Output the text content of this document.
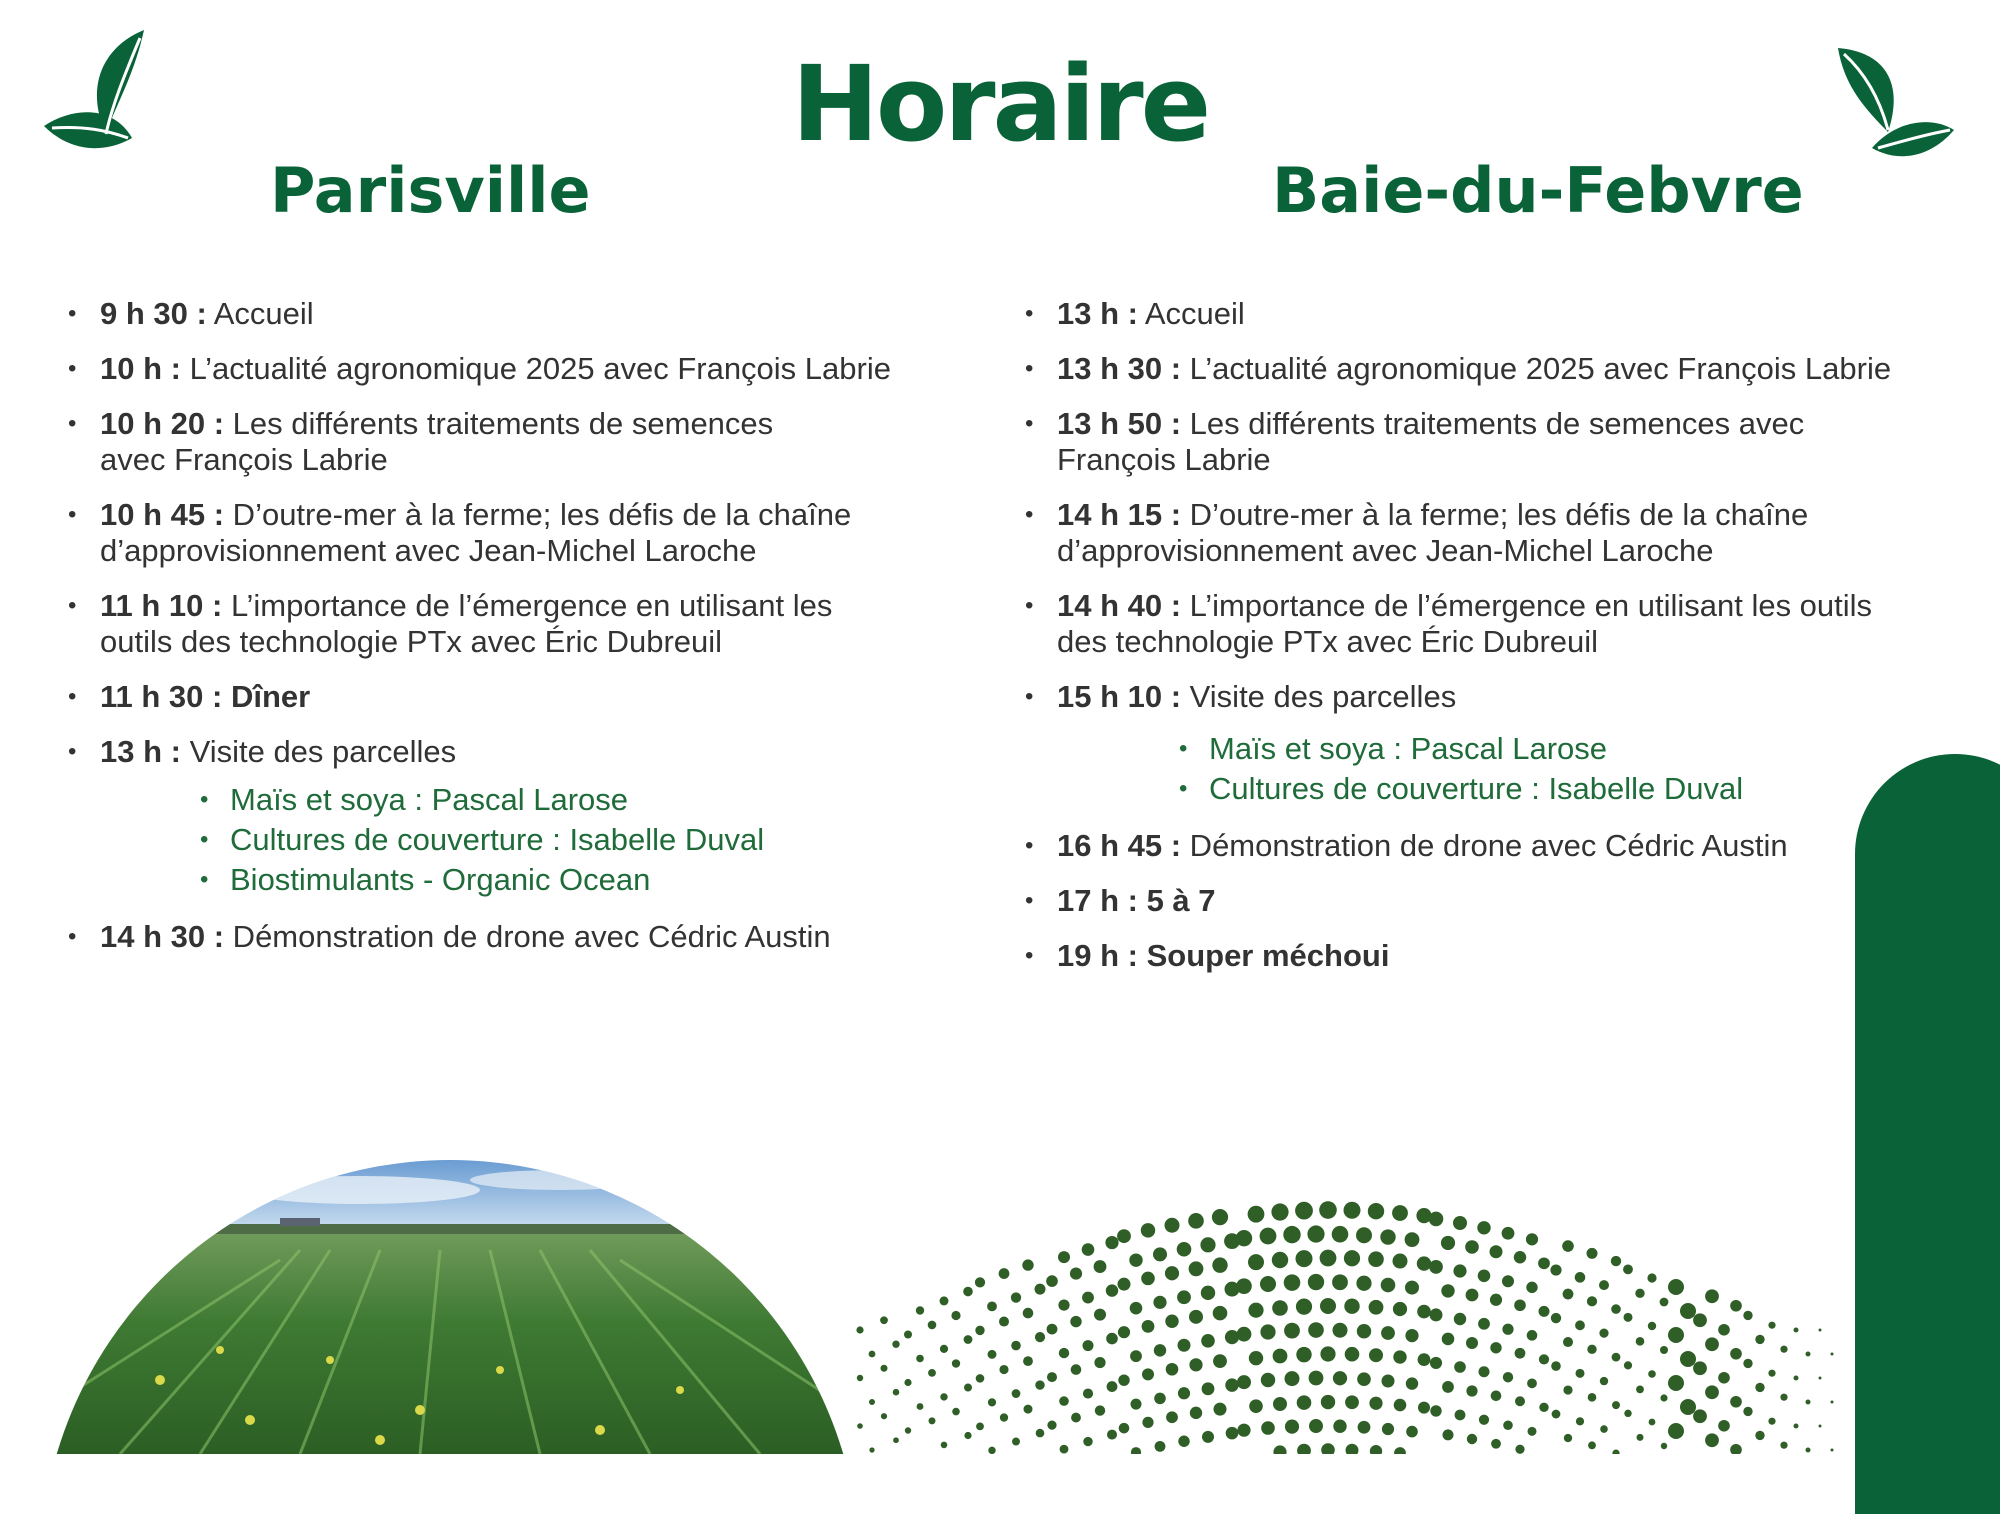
Horaire
Parisville	Baie-du-Febvre
• 9 h 30 : Accueil
• 10 h : L’actualité agronomique 2025 avec François Labrie
• 10 h 20 : Les différents traitements de semences
avec François Labrie
• 10 h 45 : D’outre-mer à la ferme; les défis de la chaîne
d’approvisionnement avec Jean-Michel Laroche
• 11 h 10 : L’importance de l’émergence en utilisant les
outils des technologie PTx avec Éric Dubreuil
• 11 h 30 : Dîner
• 13 h : Visite des parcelles
• Maïs et soya : Pascal Larose
• Cultures de couverture : Isabelle Duval
• Biostimulants - Organic Ocean
• 14 h 30 : Démonstration de drone avec Cédric Austin
• 13 h : Accueil
• 13 h 30 : L’actualité agronomique 2025 avec François Labrie
• 13 h 50 : Les différents traitements de semences avec
François Labrie
• 14 h 15 : D’outre-mer à la ferme; les défis de la chaîne
d’approvisionnement avec Jean-Michel Laroche
• 14 h 40 : L’importance de l’émergence en utilisant les outils
des technologie PTx avec Éric Dubreuil
• 15 h 10 : Visite des parcelles
• Maïs et soya : Pascal Larose
• Cultures de couverture : Isabelle Duval
• 16 h 45 : Démonstration de drone avec Cédric Austin
• 17 h : 5 à 7
• 19 h : Souper méchoui
